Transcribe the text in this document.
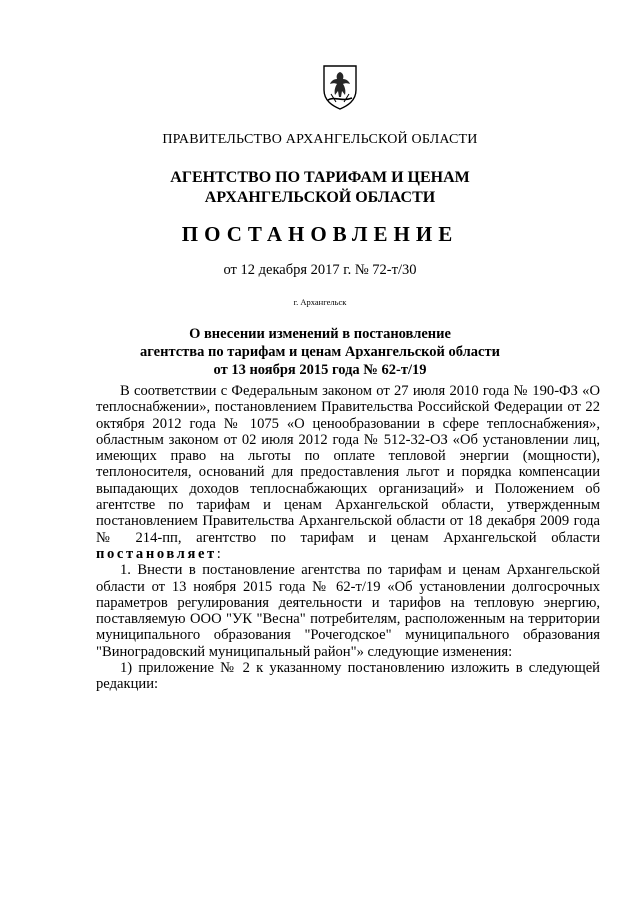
ПРАВИТЕЛЬСТВО АРХАНГЕЛЬСКОЙ ОБЛАСТИ
АГЕНТСТВО ПО ТАРИФАМ И ЦЕНАМ
АРХАНГЕЛЬСКОЙ ОБЛАСТИ
ПОСТАНОВЛЕНИЕ
от 12 декабря 2017 г. № 72-т/30
г. Архангельск
О внесении изменений в постановление
агентства по тарифам и ценам Архангельской области
от 13 ноября 2015 года № 62-т/19

В соответствии с Федеральным законом от 27 июля 2010 года № 190-ФЗ «О теплоснабжении», постановлением Правительства Российской Федерации от 22 октября 2012 года № 1075 «О ценообразовании в сфере теплоснабжения», областным законом от 02 июля 2012 года № 512-32-ОЗ «Об установлении лиц, имеющих право на льготы по оплате тепловой энергии (мощности), теплоносителя, оснований для предоставления льгот и порядка компенсации выпадающих доходов теплоснабжающих организаций» и Положением об агентстве по тарифам и ценам Архангельской области, утвержденным постановлением Правительства Архангельской области от 18 декабря 2009 года № 214-пп, агентство по тарифам и ценам Архангельской области постановляет:

1. Внести в постановление агентства по тарифам и ценам Архангельской области от 13 ноября 2015 года № 62-т/19 «Об установлении долгосрочных параметров регулирования деятельности и тарифов на тепловую энергию, поставляемую ООО "УК "Весна" потребителям, расположенным на территории муниципального образования "Рочегодское" муниципального образования "Виноградовский муниципальный район"» следующие изменения:

1) приложение № 2 к указанному постановлению изложить в следующей редакции:
